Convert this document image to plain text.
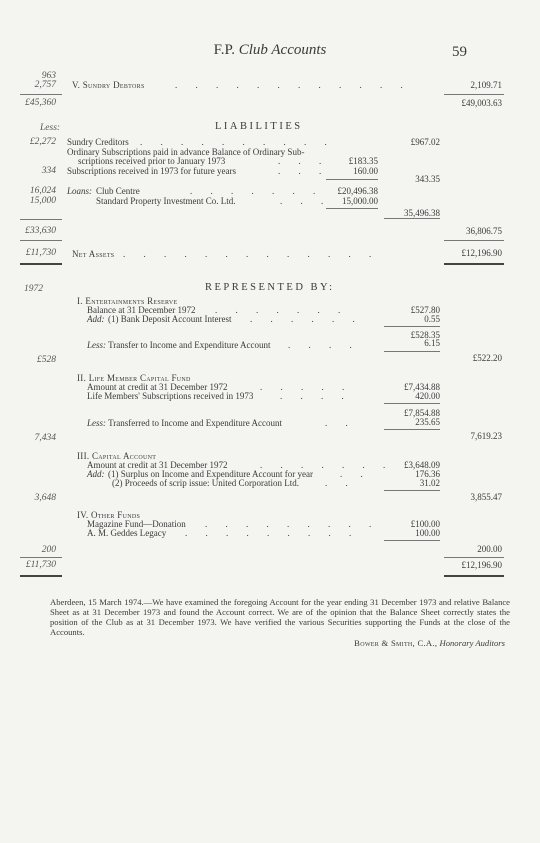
F.P. Club Accounts	59
963
2,757 V. Sundry Debtors	. . . . . . . . . . . .	2,109.71
£45,360	£49,003.63
Less:	LIABILITIES
£2,272 Sundry Creditors . . . . . . . . . .	£967.02
Ordinary Subscriptions paid in advance Balance of Ordinary Sub-
scriptions received prior to January 1973	. . .	£183.35
334 Subscriptions received in 1973 for future years	. . .	160.00
343.35
16,024 Loans: Club Centre	. . . . . . .	£20,496.38
15,000	Standard Property Investment Co. Ltd.	. . .	15,000.00
35,496.38
£33,630	36,806.75
£11,730 Net Assets . . . . . . . . . . . . .	£12,196.90
1972	REPRESENTED BY:
I. Entertainments Reserve
Balance at 31 December 1972 . . . . . . .	£527.80
Add: (1) Bank Deposit Account Interest . . . . . .	0.55
£528.35
Less: Transfer to Income and Expenditure Account . . . .	6.15
£528	£522.20
II. Life Member Capital Fund
Amount at credit at 31 December 1972	. . . . .	£7,434.88
Life Members' Subscriptions received in 1973	. . . .	420.00
£7,854.88
Less: Transferred to Income and Expenditure Account	. .	235.65
7,434	7,619.23
III. Capital Account
Amount at credit at 31 December 1972	. . . . . . .	£3,648.09
Add: (1) Surplus on Income and Expenditure Account for year	. .	176.36
(2) Proceeds of scrip issue: United Corporation Ltd.	. .	31.02
3,648	3,855.47
IV. Other Funds
Magazine Fund—Donation . . . . . . . . .	£100.00
A. M. Geddes Legacy . . . . . . . . .	100.00
200	200.00
£11,730	£12,196.90
Aberdeen, 15 March 1974.—We have examined the foregoing Account for the year ending 31 December 1973 and relative Balance Sheet as at 31 December 1973 and found the Account correct. We are of the opinion that the Balance Sheet correctly states the position of the Club as at 31 December 1973. We have verified the various Securities supporting the Funds at the close of the Accounts.
Bower & Smith, C.A., Honorary Auditors
